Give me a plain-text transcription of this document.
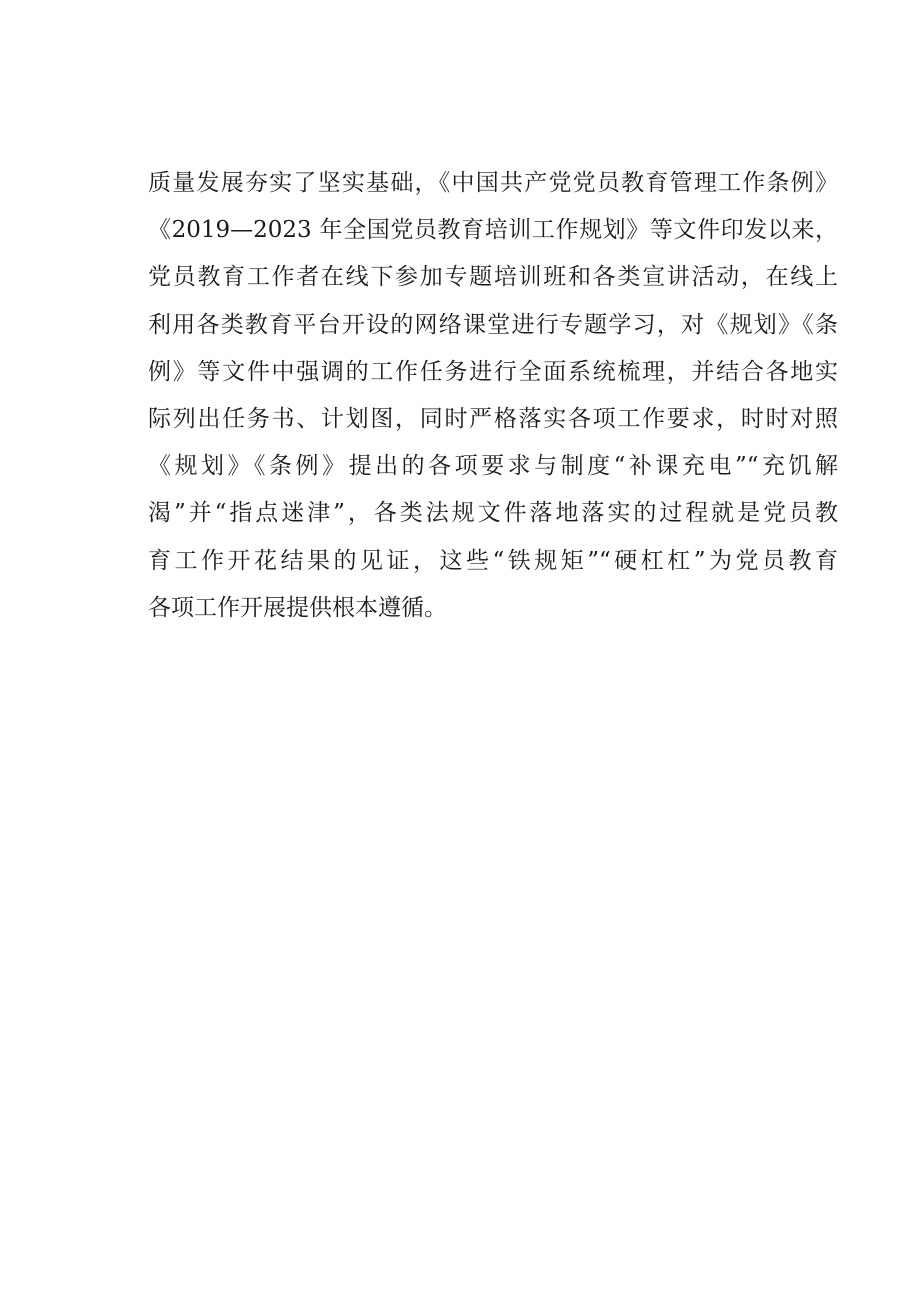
质量发展夯实了坚实基础，《中国共产党党员教育管理工作条例》
《2019—2023 年全国党员教育培训工作规划》等文件印发以来，
党员教育工作者在线下参加专题培训班和各类宣讲活动，在线上
利用各类教育平台开设的网络课堂进行专题学习，对《规划》《条
例》等文件中强调的工作任务进行全面系统梳理，并结合各地实
际列出任务书、计划图，同时严格落实各项工作要求，时时对照
《规划》《条例》提出的各项要求与制度“补课充电”“充饥解
渴”并“指点迷津”，各类法规文件落地落实的过程就是党员教
育工作开花结果的见证，这些“铁规矩”“硬杠杠”为党员教育
各项工作开展提供根本遵循。
